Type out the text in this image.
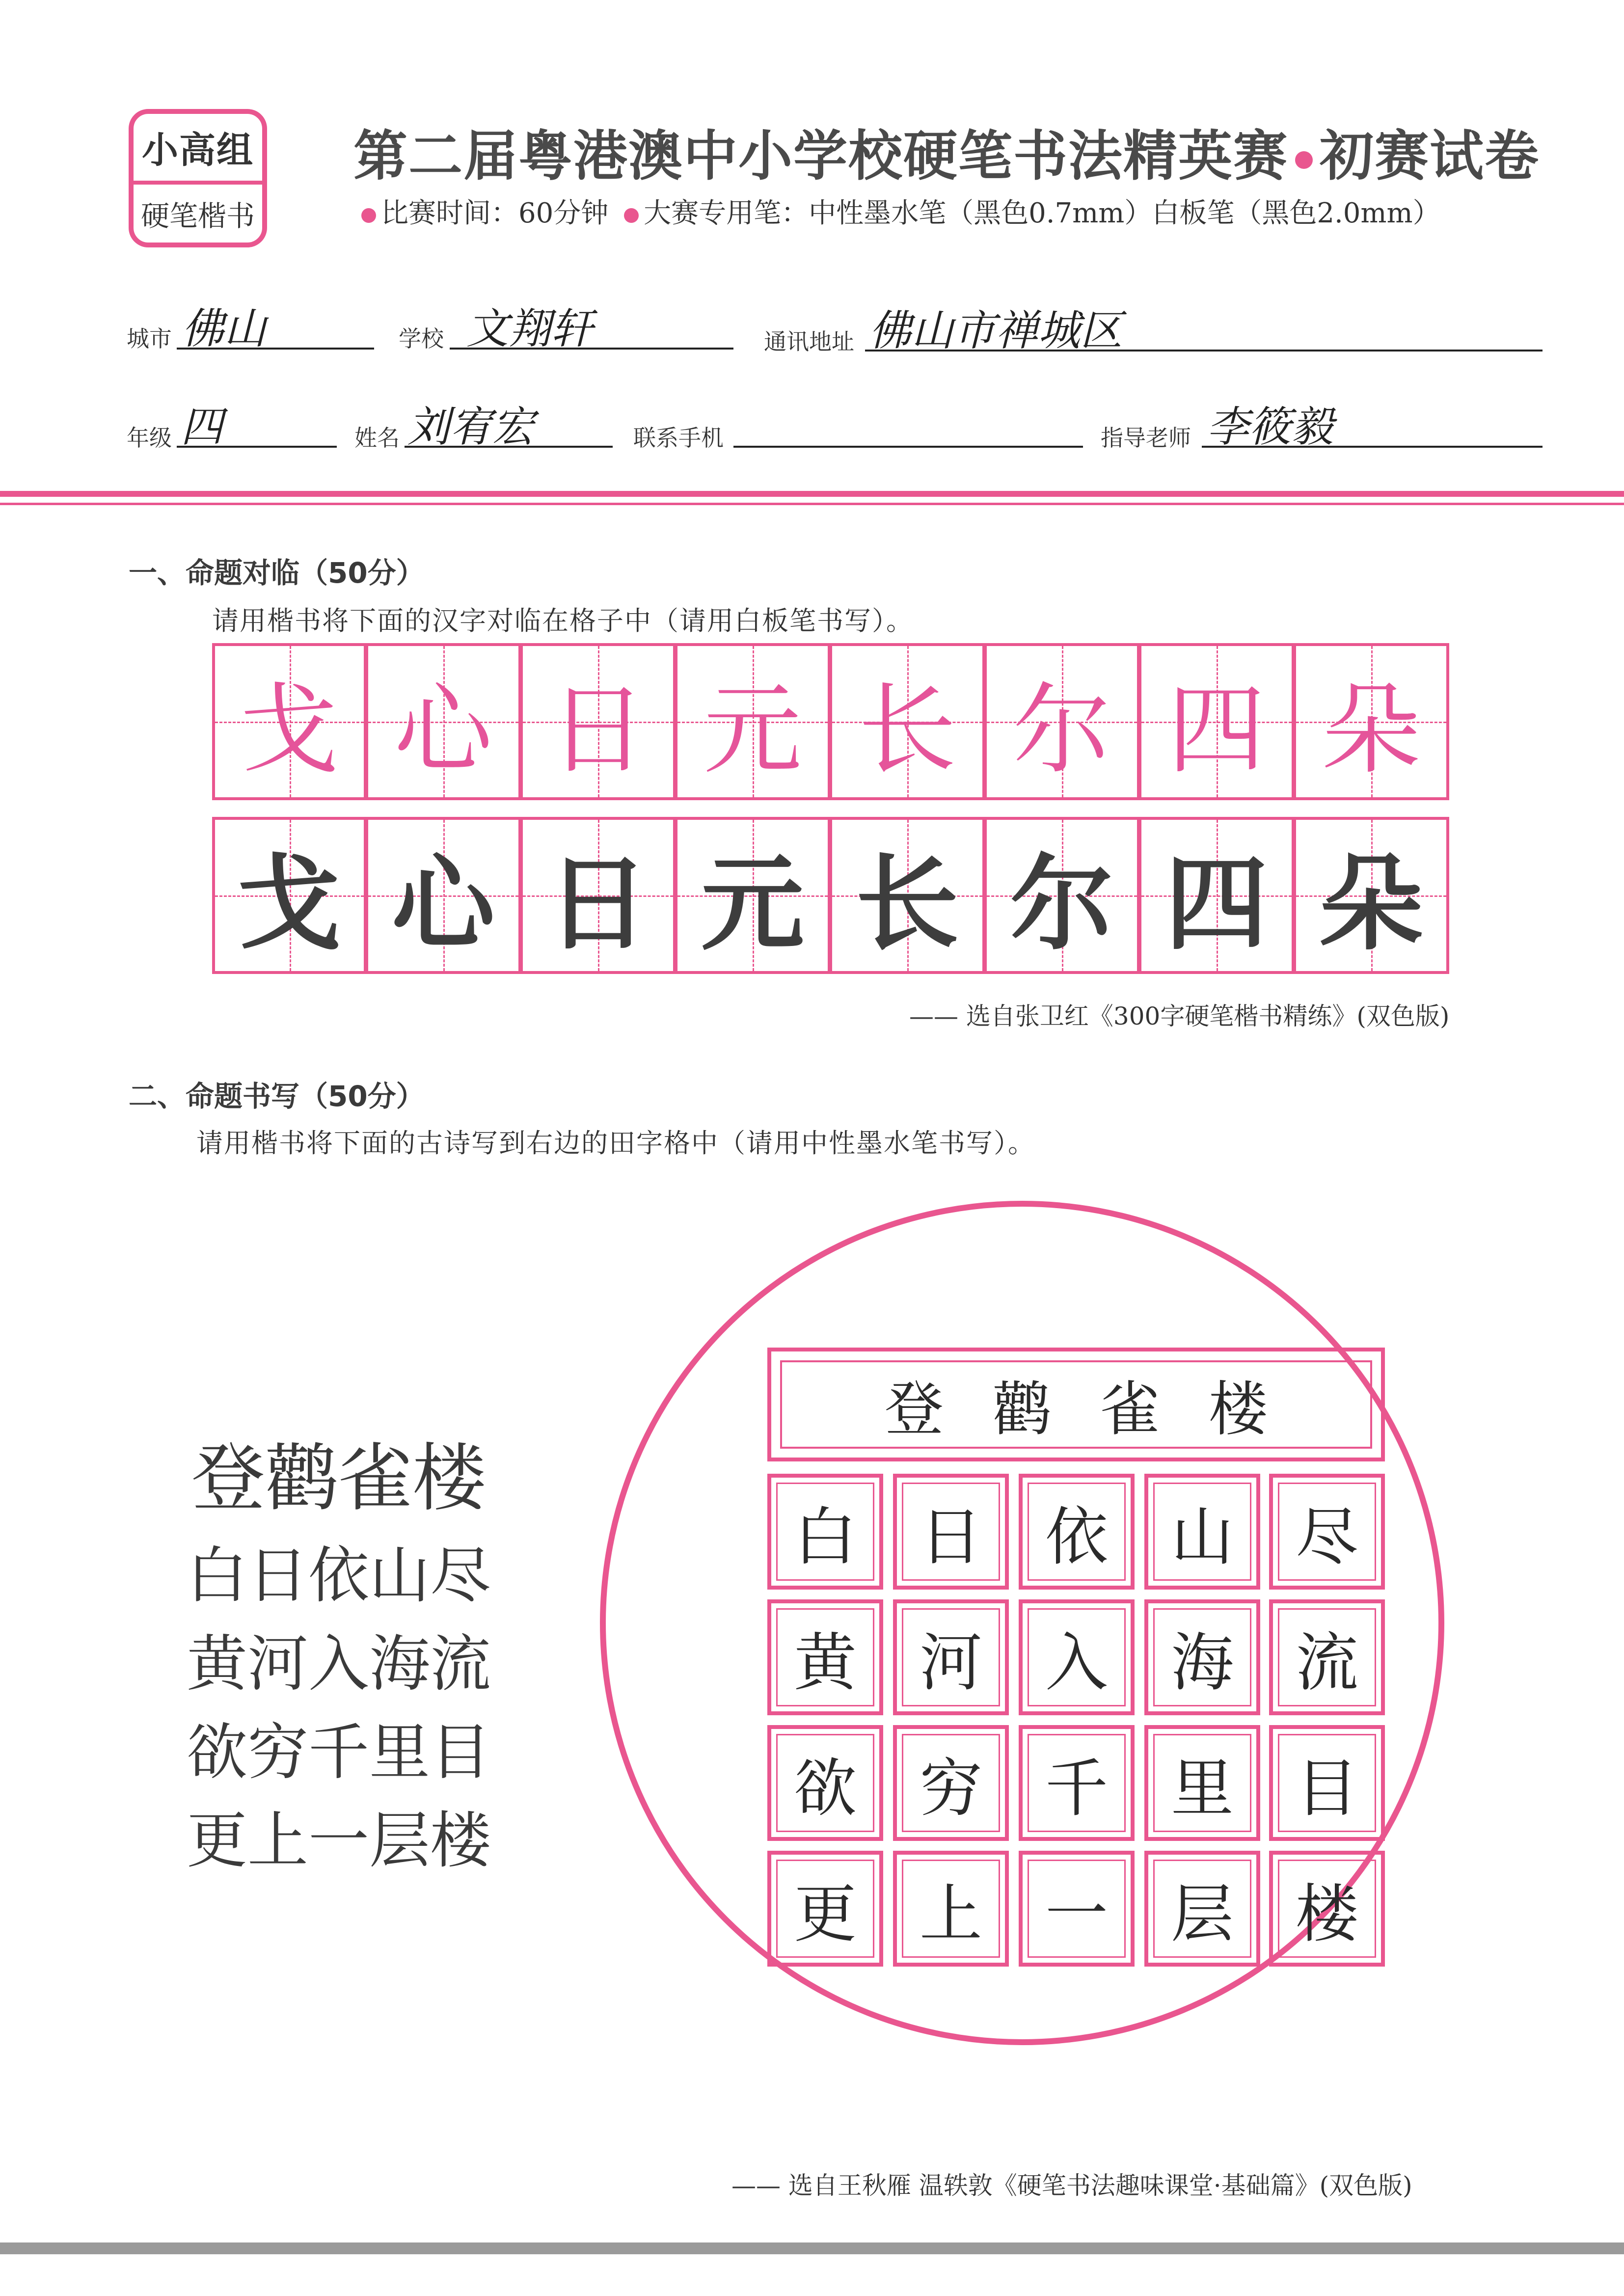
小高组
硬笔楷书
第二届粤港澳中小学校硬笔书法精英赛 初赛试卷
比赛时间：60分钟 大赛专用笔：中性墨水笔（黑色0.7mm）白板笔（黑色2.0mm）
城市 佛山	学校 文翔轩	通讯地址 佛山市禅城区
年级 四	姓名 刘宥宏	联系手机	指导老师 李筱毅
一、命题对临（50分）
请用楷书将下面的汉字对临在格子中（请用白板笔书写）。
戈 心 日 元 长 尔 四 朵
戈 心 日 元 长 尔 四 朵
—— 选自张卫红《300字硬笔楷书精练》(双色版)
二、命题书写（50分）
请用楷书将下面的古诗写到右边的田字格中（请用中性墨水笔书写）。
登鹳雀楼
白日依山尽
黄河入海流
欲穷千里目
更上一层楼
登鹳雀楼
白 日 依 山 尽
黄 河 入 海 流
欲 穷 千 里 目
更 上 一 层 楼
—— 选自王秋雁 温轶敦《硬笔书法趣味课堂·基础篇》(双色版)
